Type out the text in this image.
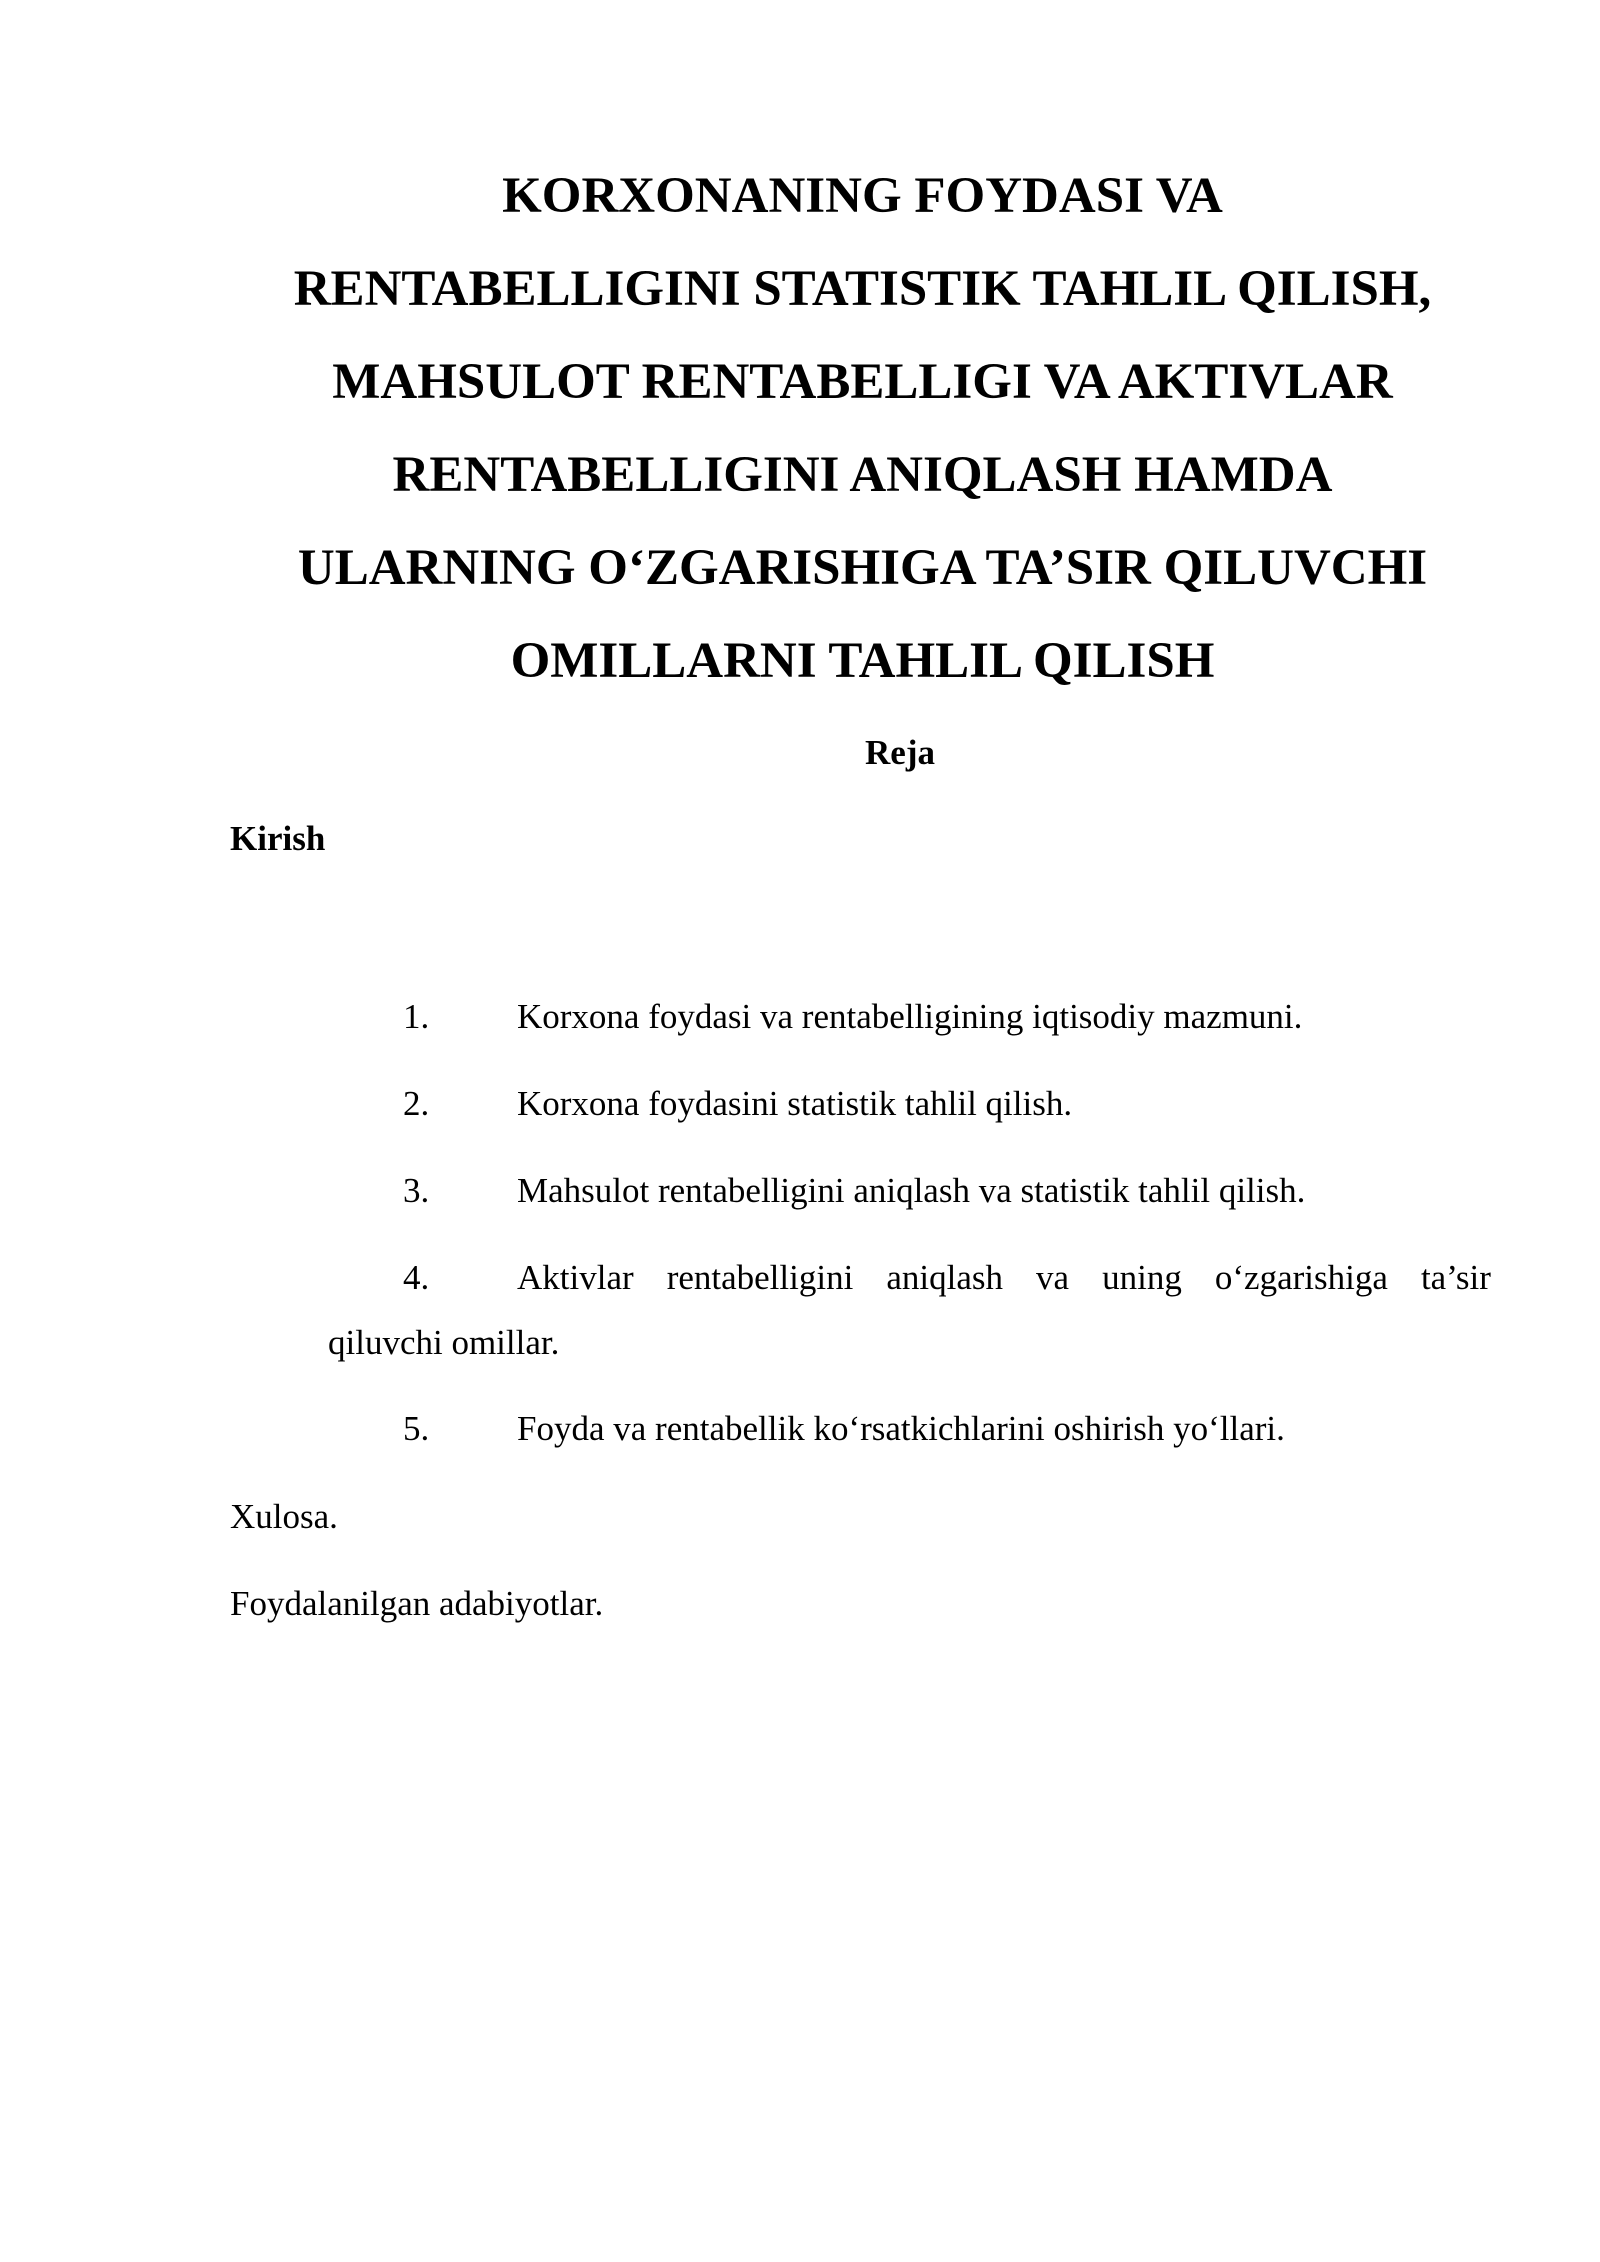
KORXONANING FOYDASI VA
RENTABELLIGINI STATISTIK TAHLIL QILISH,
MAHSULOT RENTABELLIGI VA AKTIVLAR
RENTABELLIGINI ANIQLASH HAMDA
ULARNING O‘ZGARISHIGA TA’SIR QILUVCHI
OMILLARNI TAHLIL QILISH

Reja

Kirish

1.	Korxona foydasi va rentabelligining iqtisodiy mazmuni.
2.	Korxona foydasini statistik tahlil qilish.
3.	Mahsulot rentabelligini aniqlash va statistik tahlil qilish.
4.	Aktivlar rentabelligini aniqlash va uning o‘zgarishiga ta’sir
qiluvchi omillar.
5.	Foyda va rentabellik ko‘rsatkichlarini oshirish yo‘llari.

Xulosa.

Foydalanilgan adabiyotlar.
